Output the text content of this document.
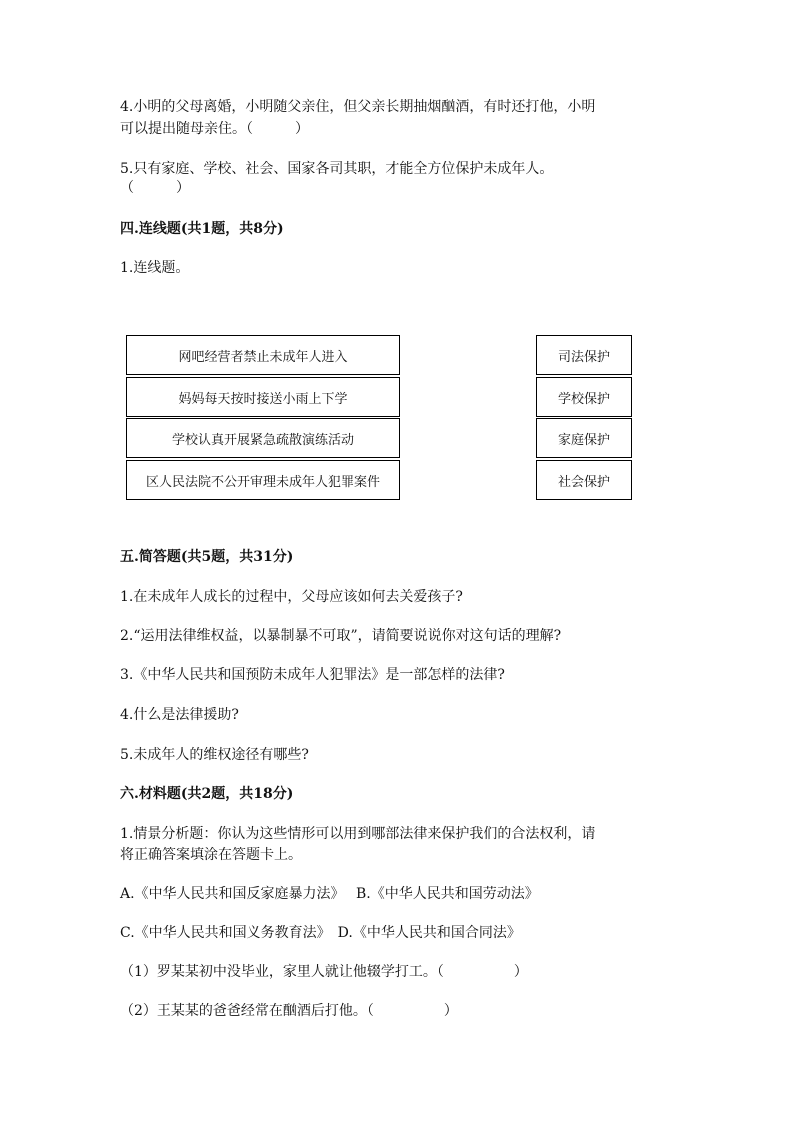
4.小明的父母离婚，小明随父亲住，但父亲长期抽烟酗酒，有时还打他，小明
可以提出随母亲住。（　　　）
5.只有家庭、学校、社会、国家各司其职，才能全方位保护未成年人。
（　　　）
四.连线题(共1题，共8分)
1.连线题。
网吧经营者禁止未成年人进入
妈妈每天按时接送小雨上下学
学校认真开展紧急疏散演练活动
区人民法院不公开审理未成年人犯罪案件
司法保护
学校保护
家庭保护
社会保护
五.简答题(共5题，共31分)
1.在未成年人成长的过程中，父母应该如何去关爱孩子?
2.“运用法律维权益，以暴制暴不可取”，请简要说说你对这句话的理解?
3.《中华人民共和国预防未成年人犯罪法》是一部怎样的法律?
4.什么是法律援助?
5.未成年人的维权途径有哪些?
六.材料题(共2题，共18分)
1.情景分析题：你认为这些情形可以用到哪部法律来保护我们的合法权利，请
将正确答案填涂在答题卡上。
A.《中华人民共和国反家庭暴力法》　 B.《中华人民共和国劳动法》
C.《中华人民共和国义务教育法》　D.《中华人民共和国合同法》
（1）罗某某初中没毕业，家里人就让他辍学打工。（　　　　　）
（2）王某某的爸爸经常在酗酒后打他。（　　　　　）
